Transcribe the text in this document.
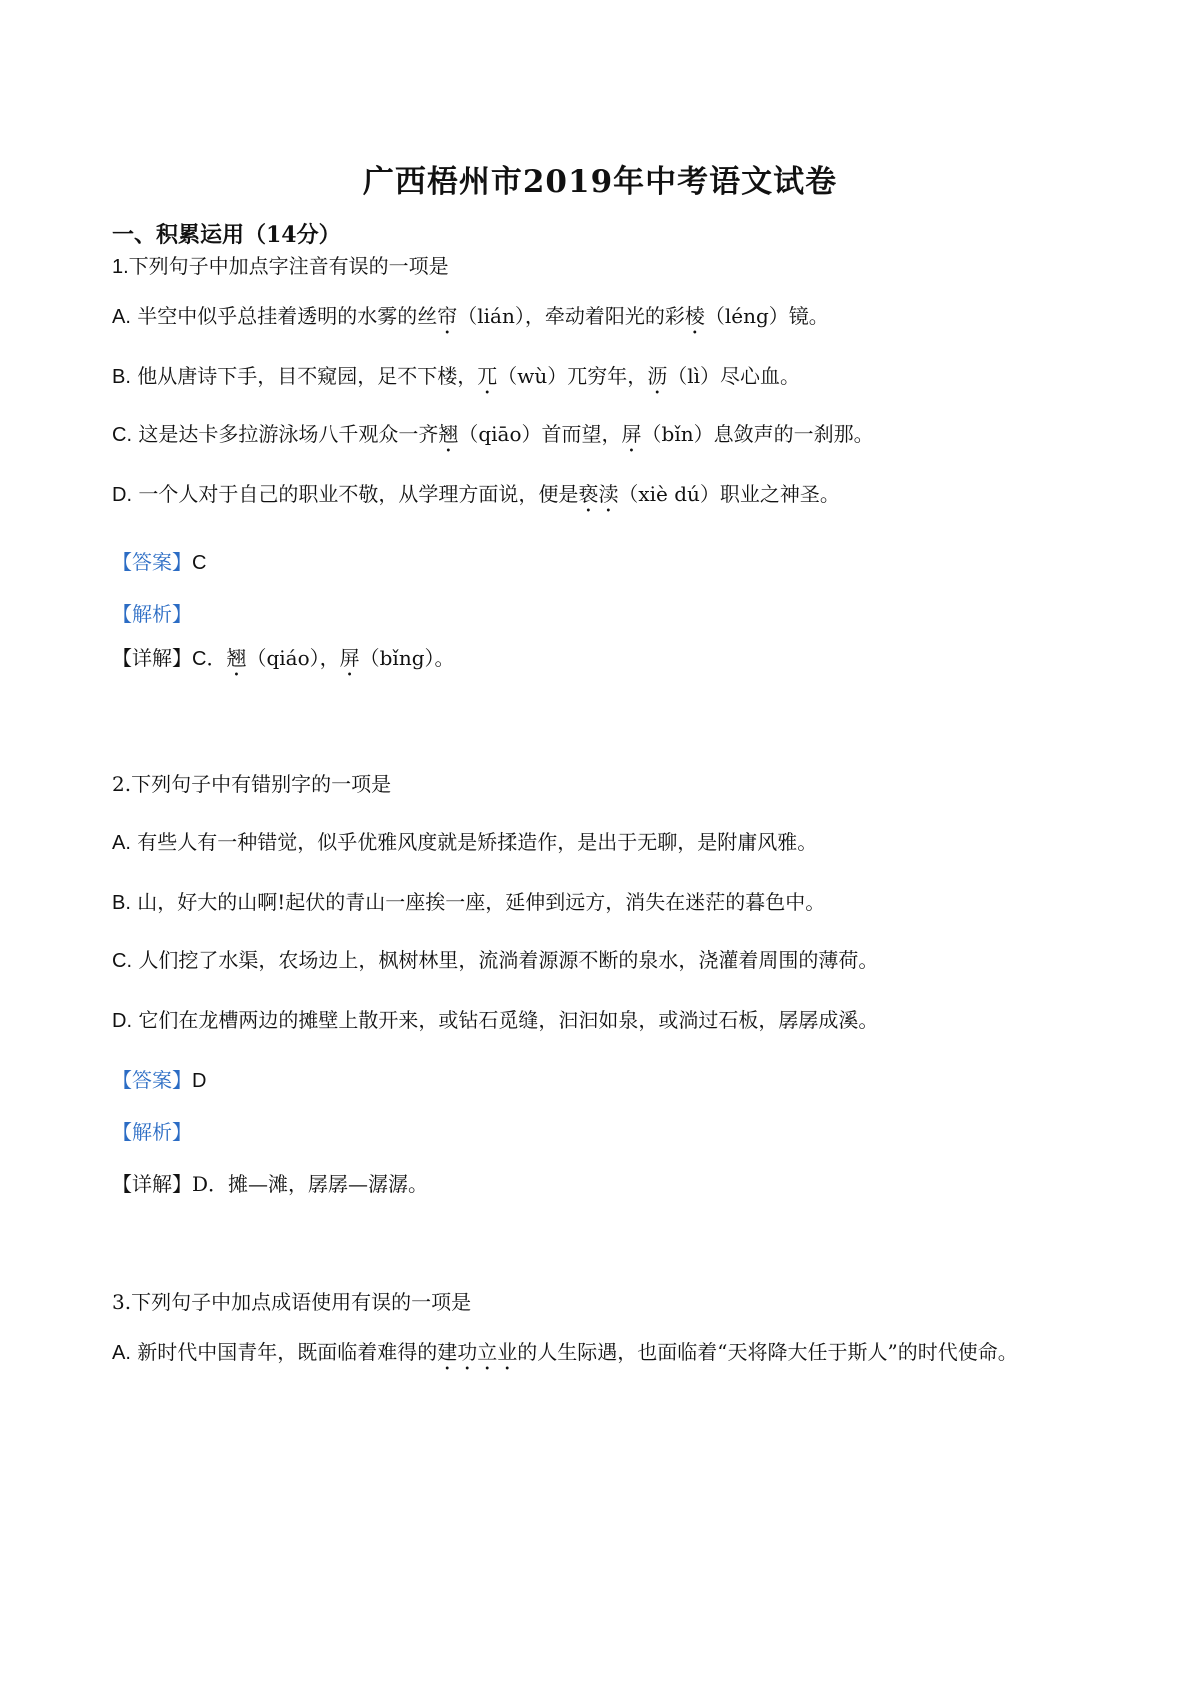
广西梧州市2019年中考语文试卷
一、积累运用（14分）
1.下列句子中加点字注音有误的一项是
A. 半空中似乎总挂着透明的水雾的丝帘（lián），牵动着阳光的彩棱（léng）镜。
B. 他从唐诗下手，目不窥园，足不下楼，兀（wù）兀穷年，沥（lì）尽心血。
C. 这是达卡多拉游泳场八千观众一齐翘（qiāo）首而望，屏（bǐn）息敛声的一刹那。
D. 一个人对于自己的职业不敬，从学理方面说，便是亵渎（xiè dú）职业之神圣。
【答案】C
【解析】
【详解】C．翘（qiáo），屏（bǐng）。
2.下列句子中有错别字的一项是
A. 有些人有一种错觉，似乎优雅风度就是矫揉造作，是出于无聊，是附庸风雅。
B. 山，好大的山啊!起伏的青山一座挨一座，延伸到远方，消失在迷茫的暮色中。
C. 人们挖了水渠，农场边上，枫树林里，流淌着源源不断的泉水，浇灌着周围的薄荷。
D. 它们在龙槽两边的摊壁上散开来，或钻石觅缝，汩汩如泉，或淌过石板，孱孱成溪。
【答案】D
【解析】
【详解】D．摊—滩，孱孱—潺潺。
3.下列句子中加点成语使用有误的一项是
A. 新时代中国青年，既面临着难得的建功立业的人生际遇，也面临着“天将降大任于斯人”的时代使命。
